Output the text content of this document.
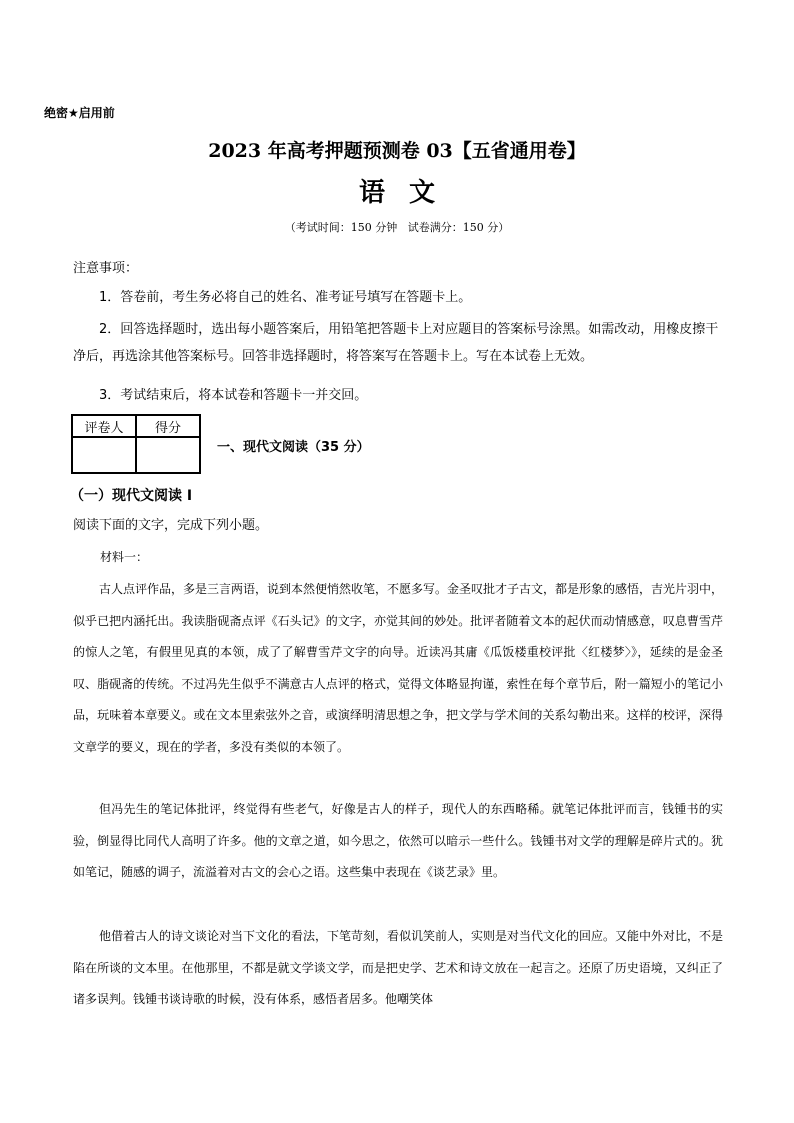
绝密★启用前
2023 年高考押题预测卷 03【五省通用卷】
语文
（考试时间：150 分钟   试卷满分：150 分）
注意事项：
1．答卷前，考生务必将自己的姓名、准考证号填写在答题卡上。
2．回答选择题时，选出每小题答案后，用铅笔把答题卡上对应题目的答案标号涂黑。如需改动，用橡皮擦干净后，再选涂其他答案标号。回答非选择题时，将答案写在答题卡上。写在本试卷上无效。
3．考试结束后，将本试卷和答题卡一并交回。
评卷人	得分

一、现代文阅读（35 分）
（一）现代文阅读 I
阅读下面的文字，完成下列小题。
材料一：

古人点评作品，多是三言两语，说到本然便悄然收笔，不愿多写。金圣叹批才子古文，都是形象的感悟，吉光片羽中，似乎已把内涵托出。我读脂砚斋点评《石头记》的文字，亦觉其间的妙处。批评者随着文本的起伏而动情感意，叹息曹雪芹的惊人之笔，有假里见真的本领，成了了解曹雪芹文字的向导。近读冯其庸《瓜饭楼重校评批〈红楼梦〉》，延续的是金圣叹、脂砚斋的传统。不过冯先生似乎不满意古人点评的格式，觉得文体略显拘谨，索性在每个章节后，附一篇短小的笔记小品，玩味着本章要义。或在文本里索弦外之音，或演绎明清思想之争，把文学与学术间的关系勾勒出来。这样的校评，深得文章学的要义，现在的学者，多没有类似的本领了。

但冯先生的笔记体批评，终觉得有些老气，好像是古人的样子，现代人的东西略稀。就笔记体批评而言，钱锺书的实验，倒显得比同代人高明了许多。他的文章之道，如今思之，依然可以暗示一些什么。钱锺书对文学的理解是碎片式的。犹如笔记，随感的调子，流溢着对古文的会心之语。这些集中表现在《谈艺录》里。

他借着古人的诗文谈论对当下文化的看法，下笔苛刻，看似讥笑前人，实则是对当代文化的回应。又能中外对比，不是陷在所谈的文本里。在他那里，不都是就文学谈文学，而是把史学、艺术和诗文放在一起言之。还原了历史语境，又纠正了诸多误判。钱锺书谈诗歌的时候，没有体系，感悟者居多。他嘲笑体
